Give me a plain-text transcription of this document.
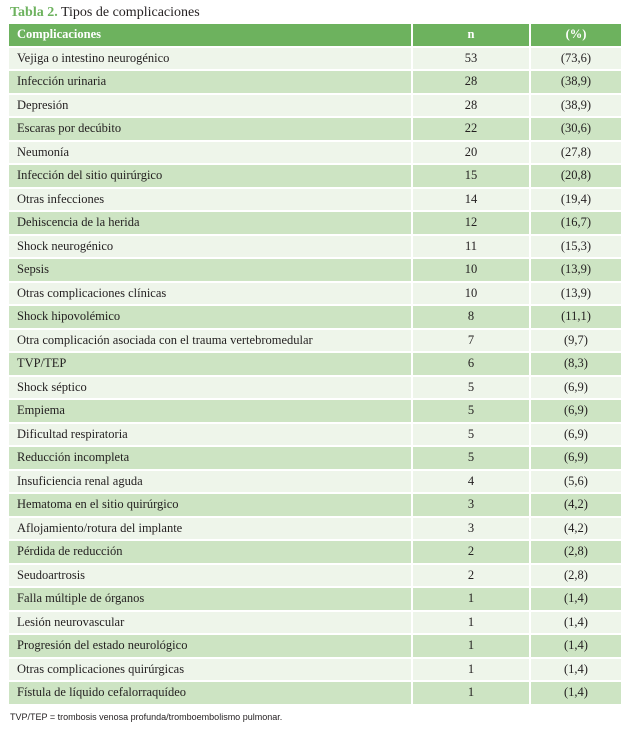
Tabla 2. Tipos de complicaciones
Complicaciones	n	(%)
Vejiga o intestino neurogénico	53	(73,6)
Infección urinaria	28	(38,9)
Depresión	28	(38,9)
Escaras por decúbito	22	(30,6)
Neumonía	20	(27,8)
Infección del sitio quirúrgico	15	(20,8)
Otras infecciones	14	(19,4)
Dehiscencia de la herida	12	(16,7)
Shock neurogénico	11	(15,3)
Sepsis	10	(13,9)
Otras complicaciones clínicas	10	(13,9)
Shock hipovolémico	8	(11,1)
Otra complicación asociada con el trauma vertebromedular	7	(9,7)
TVP/TEP	6	(8,3)
Shock séptico	5	(6,9)
Empiema	5	(6,9)
Dificultad respiratoria	5	(6,9)
Reducción incompleta	5	(6,9)
Insuficiencia renal aguda	4	(5,6)
Hematoma en el sitio quirúrgico	3	(4,2)
Aflojamiento/rotura del implante	3	(4,2)
Pérdida de reducción	2	(2,8)
Seudoartrosis	2	(2,8)
Falla múltiple de órganos	1	(1,4)
Lesión neurovascular	1	(1,4)
Progresión del estado neurológico	1	(1,4)
Otras complicaciones quirúrgicas	1	(1,4)
Fístula de líquido cefalorraquídeo	1	(1,4)
TVP/TEP = trombosis venosa profunda/tromboembolismo pulmonar.
